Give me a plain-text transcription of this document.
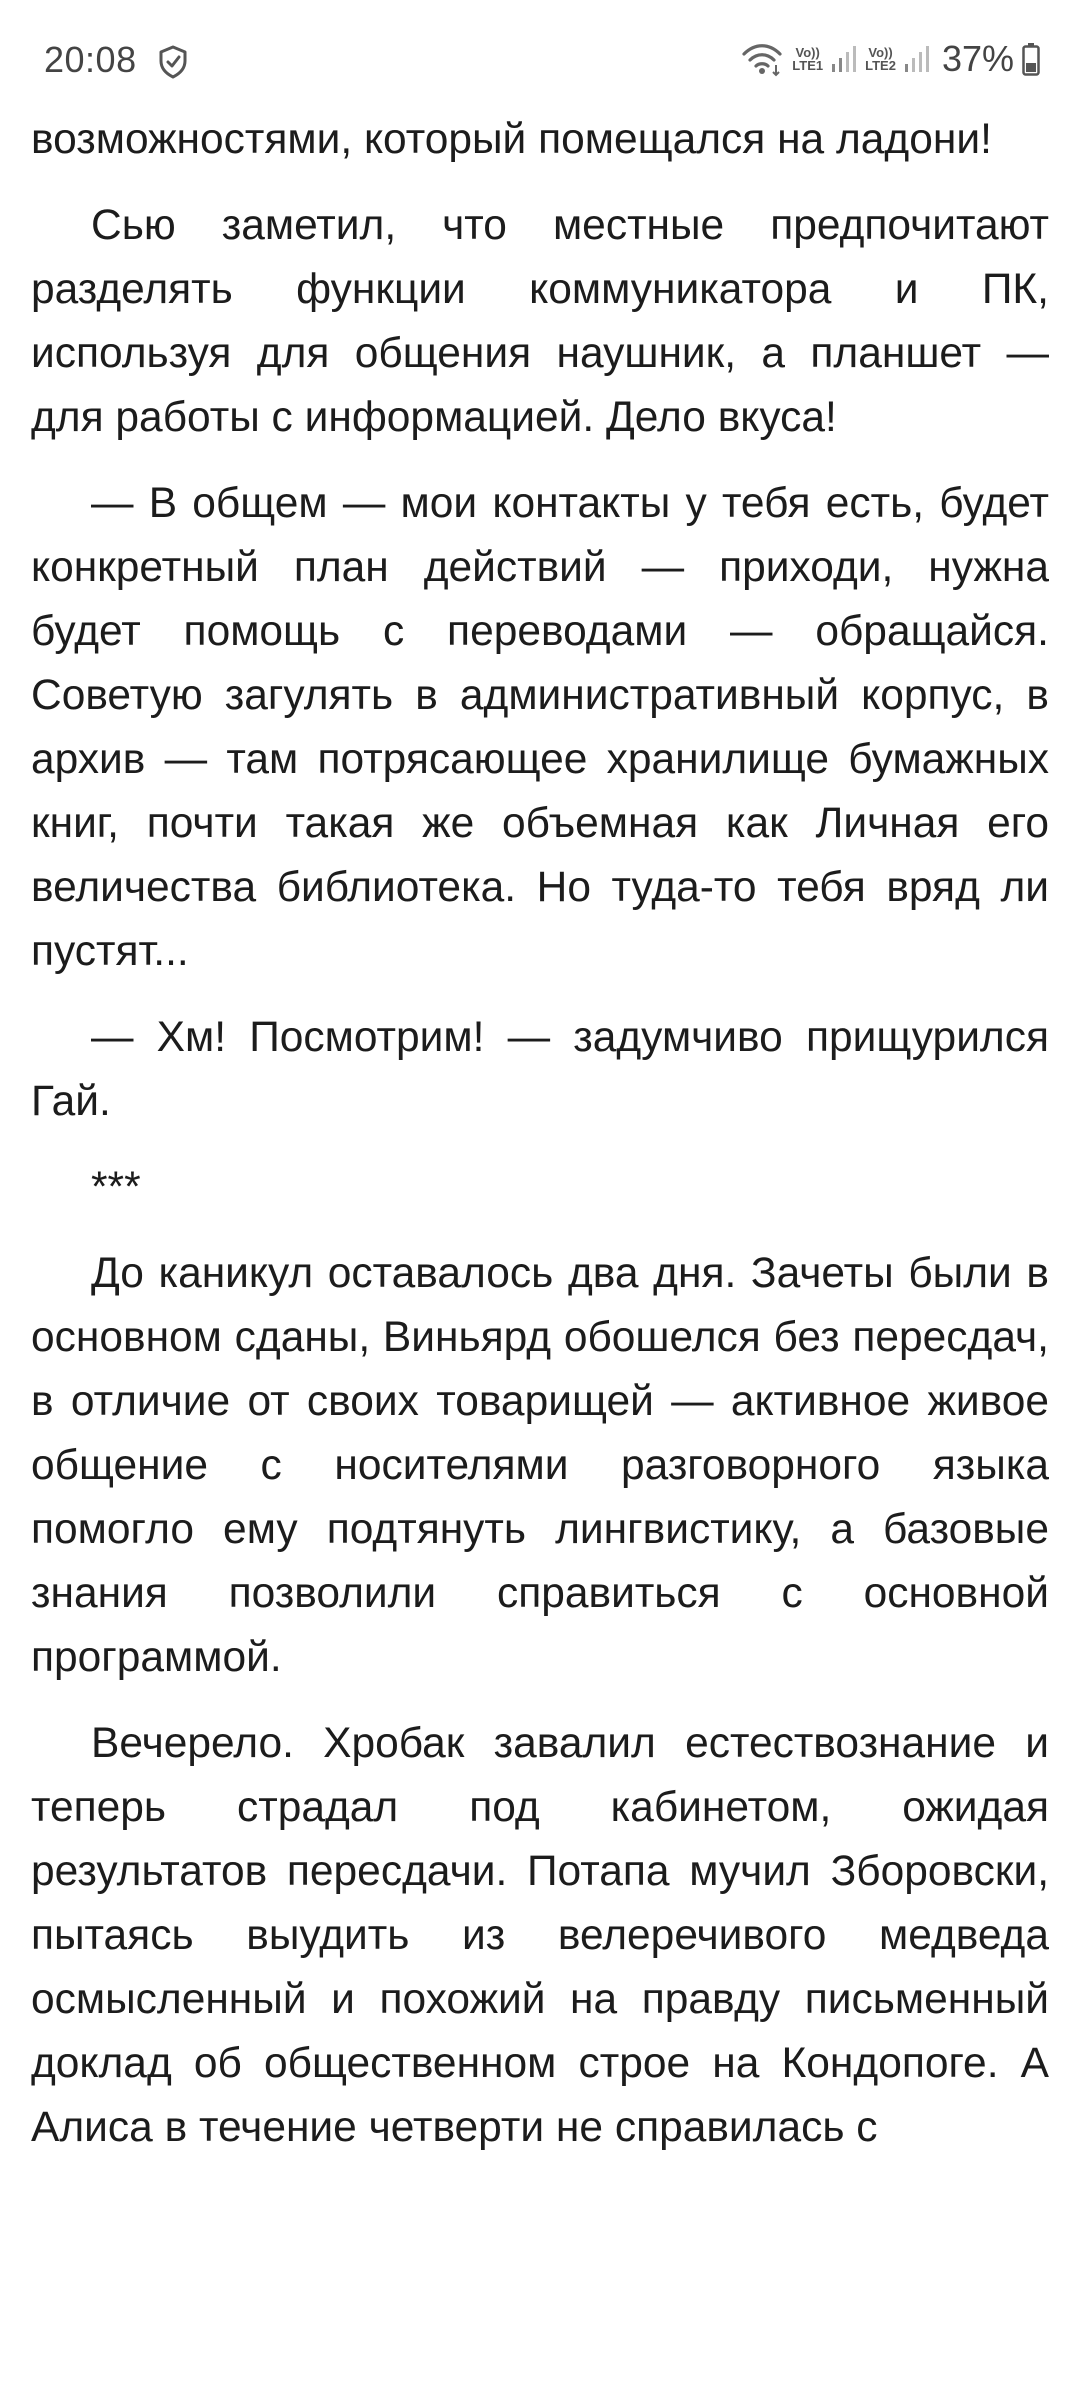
20:08	Vo))
LTE1
Vo))
LTE2 37%

возможностями, который помещался на ладони!

Сью заметил, что местные предпочитают разделять функции коммуникатора и ПК, используя для общения наушник, а планшет — для работы с информацией. Дело вкуса!

— В общем — мои контакты у тебя есть, будет конкретный план действий — приходи, нужна будет помощь с переводами — обращайся. Советую загулять в административный корпус, в архив — там потрясающее хранилище бумажных книг, почти такая же объемная как Личная его величества библиотека. Но туда-то тебя вряд ли пустят...

— Хм! Посмотрим! — задумчиво прищурился Гай.

***

До каникул оставалось два дня. Зачеты были в основном сданы, Виньярд обошелся без пересдач, в отличие от своих товарищей — активное живое общение с носителями разговорного языка помогло ему подтянуть лингвистику, а базовые знания позволили справиться с основной программой.

Вечерело. Хробак завалил естествознание и теперь страдал под кабинетом, ожидая результатов пересдачи. Потапа мучил Зборовски, пытаясь выудить из велеречивого медведа осмысленный и похожий на правду письменный доклад об общественном строе на Кондопоге. А Алиса в течение четверти не справилась с
